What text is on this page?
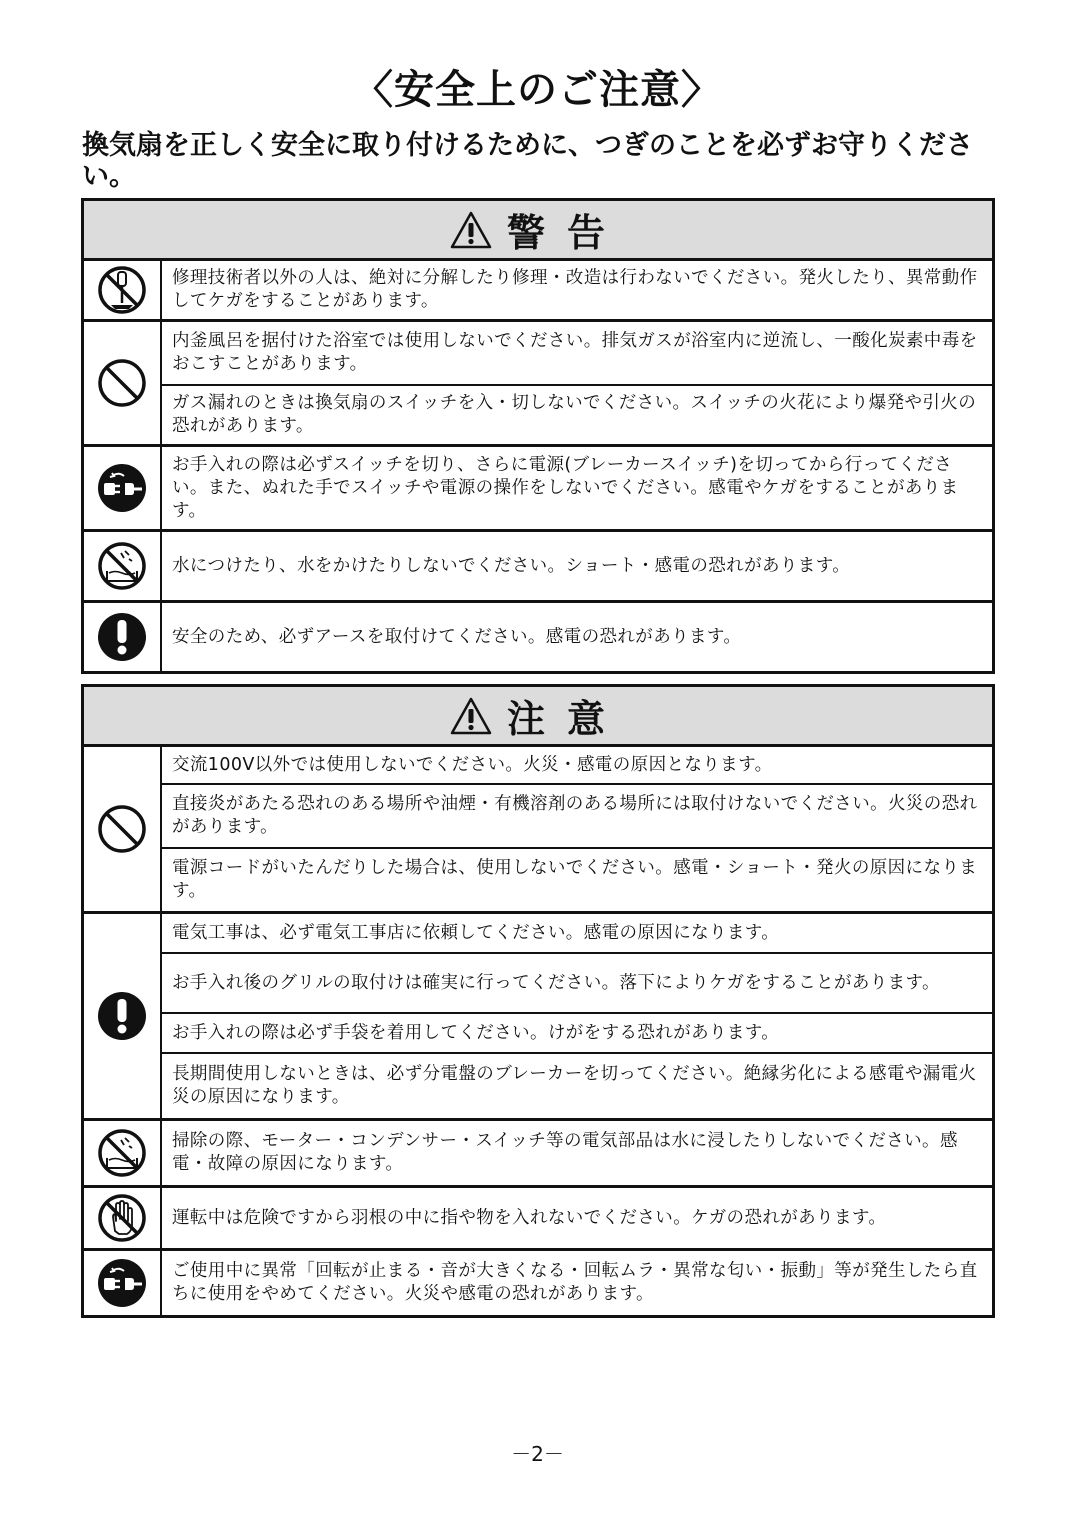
〈安全上のご注意〉
換気扇を正しく安全に取り付けるために、つぎのことを必ずお守りください。
警告
修理技術者以外の人は、絶対に分解したり修理・改造は行わないでください。発火したり、異常動作してケガをすることがあります。
内釜風呂を据付けた浴室では使用しないでください。排気ガスが浴室内に逆流し、一酸化炭素中毒をおこすことがあります。
ガス漏れのときは換気扇のスイッチを入・切しないでください。スイッチの火花により爆発や引火の恐れがあります。
お手入れの際は必ずスイッチを切り、さらに電源(ブレーカースイッチ)を切ってから行ってください。また、ぬれた手でスイッチや電源の操作をしないでください。感電やケガをすることがあります。
水につけたり、水をかけたりしないでください。ショート・感電の恐れがあります。
安全のため、必ずアースを取付けてください。感電の恐れがあります。
注意
交流100V以外では使用しないでください。火災・感電の原因となります。
直接炎があたる恐れのある場所や油煙・有機溶剤のある場所には取付けないでください。火災の恐れがあります。
電源コードがいたんだりした場合は、使用しないでください。感電・ショート・発火の原因になります。
電気工事は、必ず電気工事店に依頼してください。感電の原因になります。
お手入れ後のグリルの取付けは確実に行ってください。落下によりケガをすることがあります。
お手入れの際は必ず手袋を着用してください。けがをする恐れがあります。
長期間使用しないときは、必ず分電盤のブレーカーを切ってください。絶縁劣化による感電や漏電火災の原因になります。
掃除の際、モーター・コンデンサー・スイッチ等の電気部品は水に浸したりしないでください。感電・故障の原因になります。
運転中は危険ですから羽根の中に指や物を入れないでください。ケガの恐れがあります。
ご使用中に異常「回転が止まる・音が大きくなる・回転ムラ・異常な匂い・振動」等が発生したら直ちに使用をやめてください。火災や感電の恐れがあります。
－2－
